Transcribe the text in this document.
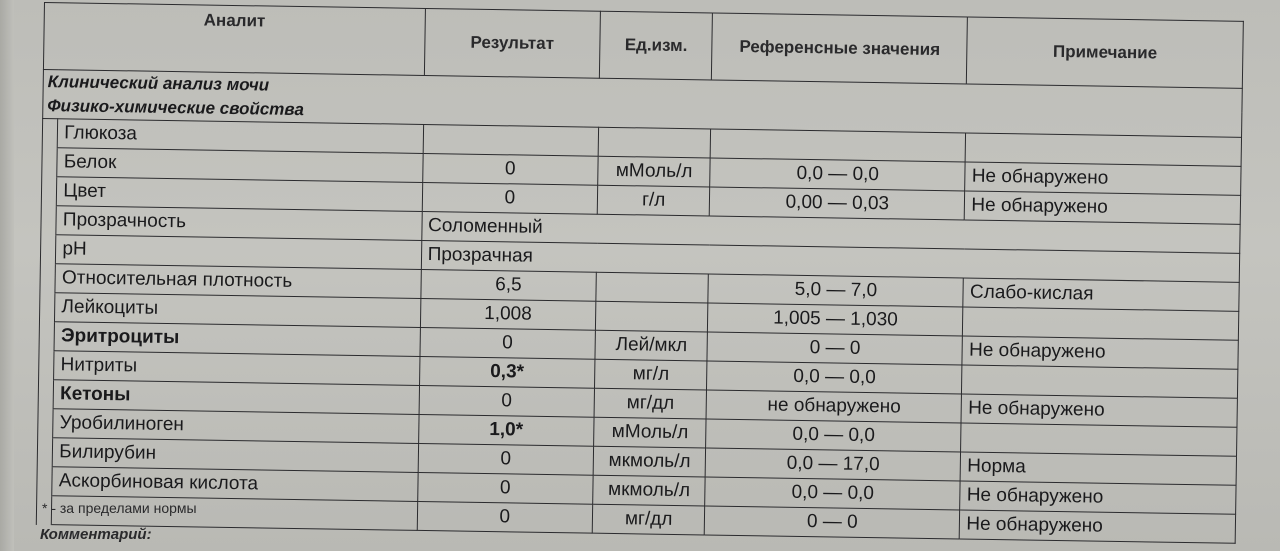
Аналит		Результат	Ед.изм.	Референсные значения	Примечание
Клинический анализ мочи					
Физико-химические свойства					
	Глюкоза				
	Белок	0	мМоль/л	0,0 — 0,0	Не обнаружено
	Цвет	0	г/л	0,00 — 0,03	Не обнаружено
	Прозрачность	Соломенный			
	pH	Прозрачная			
	Относительная плотность	6,5		5,0 — 7,0	Слабо-кислая
	Лейкоциты	1,008		1,005 — 1,030	
	Эритроциты	0	Лей/мкл	0 — 0	Не обнаружено
	Нитриты	0,3*	мг/л	0,0 — 0,0	
	Кетоны	0	мг/дл	не обнаружено	Не обнаружено
	Уробилиноген	1,0*	мМоль/л	0,0 — 0,0	
	Билирубин	0	мкмоль/л	0,0 — 17,0	Норма
	Аскорбиновая кислота	0	мкмоль/л	0,0 — 0,0	Не обнаружено
		0	мг/дл	0 — 0	Не обнаружено
* - за пределами нормы
Комментарий:
